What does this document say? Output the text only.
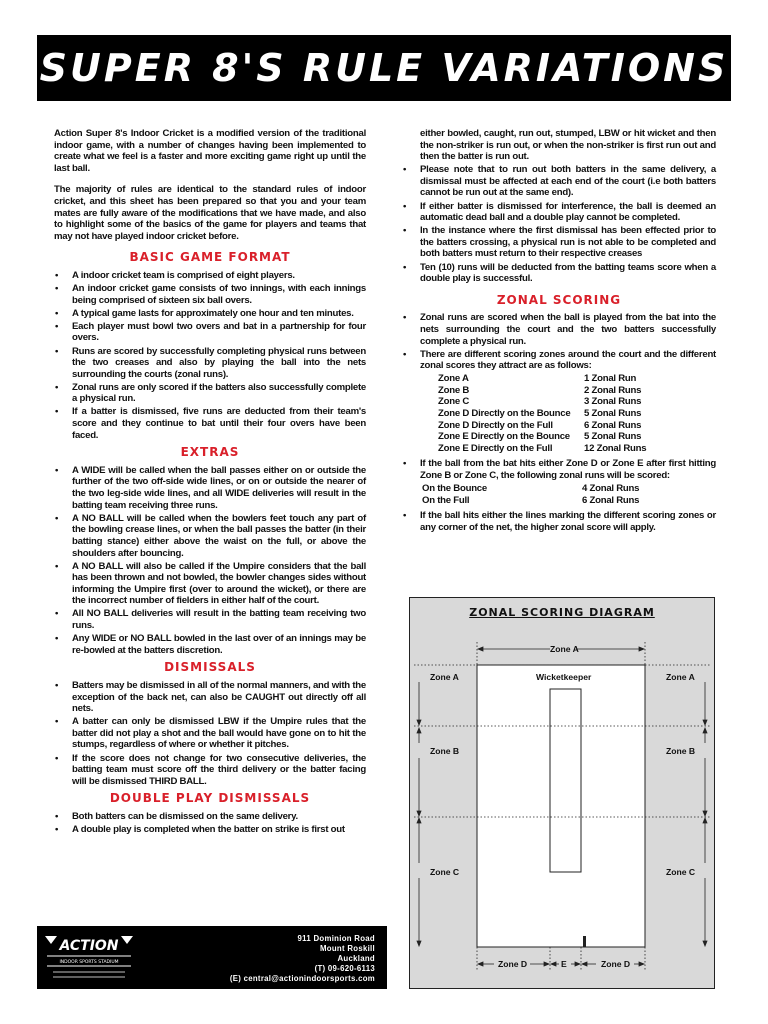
SUPER 8'S RULE VARIATIONS

Action Super 8's Indoor Cricket is a modified version of the traditional indoor game, with a number of changes having been implemented to create what we feel is a faster and more exciting game right up until the last ball.

The majority of rules are identical to the standard rules of indoor cricket, and this sheet has been prepared so that you and your team mates are fully aware of the modifications that we have made, and also to highlight some of the basics of the game for players and teams that may not have played indoor cricket before.

BASIC GAME FORMAT
• A indoor cricket team is comprised of eight players.
• An indoor cricket game consists of two innings, with each innings being comprised of sixteen six ball overs.
• A typical game lasts for approximately one hour and ten minutes.
• Each player must bowl two overs and bat in a partnership for four overs.
• Runs are scored by successfully completing physical runs between the two creases and also by playing the ball into the nets surrounding the courts (zonal runs).
• Zonal runs are only scored if the batters also successfully complete a physical run.
• If a batter is dismissed, five runs are deducted from their team's score and they continue to bat until their four overs have been faced.
EXTRAS
• A WIDE will be called when the ball passes either on or outside the further of the two off-side wide lines, or on or outside the nearer of the two leg-side wide lines, and all WIDE deliveries will result in the batting team receiving three runs.
• A NO BALL will be called when the bowlers feet touch any part of the bowling crease lines, or when the ball passes the batter (in their batting stance) either above the waist on the full, or above the shoulders after bouncing.
• A NO BALL will also be called if the Umpire considers that the ball has been thrown and not bowled, the bowler changes sides without informing the Umpire first (over to around the wicket), or there are the incorrect number of fielders in either half of the court.
• All NO BALL deliveries will result in the batting team receiving two runs.
• Any WIDE or NO BALL bowled in the last over of an innings may be re-bowled at the batters discretion.
DISMISSALS
• Batters may be dismissed in all of the normal manners, and with the exception of the back net, can also be CAUGHT out directly off all nets.
• A batter can only be dismissed LBW if the Umpire rules that the batter did not play a shot and the ball would have gone on to hit the stumps, regardless of where or whether it pitches.
• If the score does not change for two consecutive deliveries, the batting team must score off the third delivery or the batter facing will be dismissed THIRD BALL.
DOUBLE PLAY DISMISSALS
• Both batters can be dismissed on the same delivery.
• A double play is completed when the batter on strike is first out
either bowled, caught, run out, stumped, LBW or hit wicket and then the non-striker is run out, or when the non-striker is first run out and then the batter is run out.
• Please note that to run out both batters in the same delivery, a dismissal must be affected at each end of the court (i.e both batters cannot be run out at the same end).
• If either batter is dismissed for interference, the ball is deemed an automatic dead ball and a double play cannot be completed.
• In the instance where the first dismissal has been effected prior to the batters crossing, a physical run is not able to be completed and both batters must return to their respective creases
• Ten (10) runs will be deducted from the batting teams score when a double play is successful.
ZONAL SCORING
• Zonal runs are scored when the ball is played from the bat into the nets surrounding the court and the two batters successfully complete a physical run.
• There are different scoring zones around the court and the different zonal scores they attract are as follows:
Zone A	1 Zonal Run
Zone B	2 Zonal Runs
Zone C	3 Zonal Runs
Zone D Directly on the Bounce	5 Zonal Runs
Zone D Directly on the Full	6 Zonal Runs
Zone E Directly on the Bounce	5 Zonal Runs
Zone E Directly on the Full	12 Zonal Runs
• If the ball from the bat hits either Zone D or Zone E after first hitting Zone B or Zone C, the following zonal runs will be scored:
On the Bounce	4 Zonal Runs
On the Full	6 Zonal Runs
• If the ball hits either the lines marking the different scoring zones or any corner of the net, the higher zonal score will apply.
ZONAL SCORING DIAGRAM
Zone A
Wicketkeeper
Zone A	Zone A
Zone B	Zone B
Zone C	Zone C
Zone D	E	Zone D
ACTION
INDOOR SPORTS STADIUM
911 Dominion Road
Mount Roskill
Auckland
(T) 09-620-6113
(E) central@actionindoorsports.com
